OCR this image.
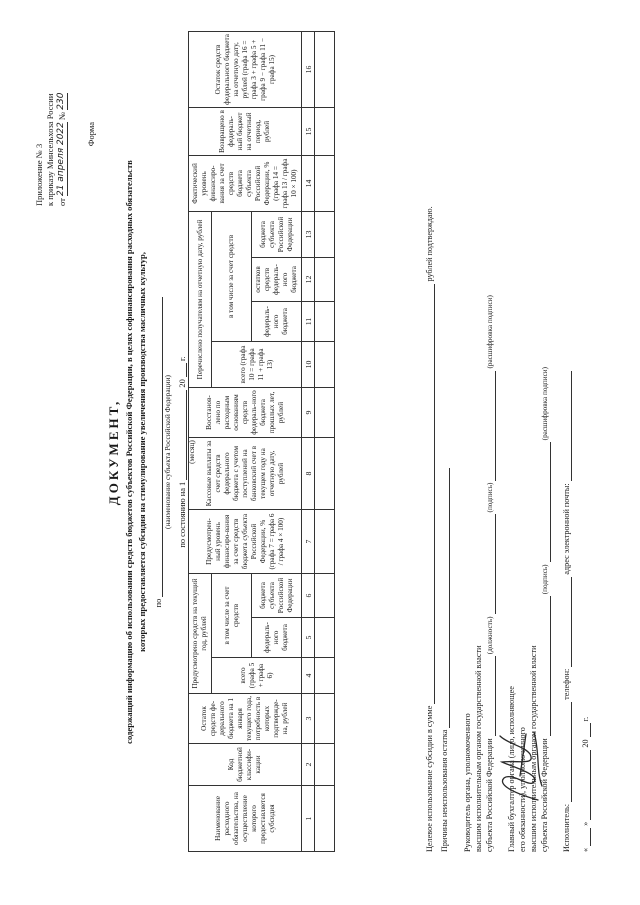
Приложение № 3 к приказу Минсельхоза России от 21 апреля 2022 № 230
Форма
ДОКУМЕНТ, содержащий информацию об использовании средств бюджетов субъектов Российской Федерации, в целях софинансирования расходных обязательств которых предоставляется субсидия на стимулирование увеличения производства масличных культур, по
(наименование субъекта Российской Федерации) по состоянию на 1  20  г.
(месяц)
Наименование расходного обязательства, на осуществление которого предоставляется субсидия	Код бюджетной классифи-кации	Остаток средств фе-дерального бюджета на 1 января текущего года, потребность в которых подтвержде-на, рублей	Предусмотрено средств на текущий год, рублей			Предусмотрен-ный уровень финансиро-вания за счет средств бюджета субъекта Российской Федерации, % (графа 7 = графа 6 / графа 4 × 100)	Кассовые выплаты за счет средств федерального бюджета с учетом поступлений на банковский счет в текущем году на отчетную дату, рублей	Восстанов-лено по расходным основаниям средств федераль-ного бюджета прошлых лет, рублей	Перечислено получателям на отчетную дату, рублей				Фактический уровень финансиро-вания за счет средств бюджета субъекта Российской Федерации, % (графа 14 = графа 13 / графа 10 × 100)	Возвращено в федераль-ный бюджет на отчетный период, рублей	Остаток средств федерального бюджета на отчетную дату, рублей (графа 16 = графа 3 + графа 5 + графа 9 − графа 11 − графа 15)
			всего (графа 5 + графа 6)	в том числе за счет средств					всего (графа 10 = графа 11 + графа 13)	в том числе за счет средств					
				федераль-ного бюджета	бюджета субъекта Российской Федерации					федераль-ного бюджета	остатков средств федераль-ного бюджета	бюджета субъекта Российской Федерации			
1	2	3	4	5	6	7	8	9	10	11	12	13	14	15	16

Целевое использование субсидии в сумме  рублей подтверждаю.
Причины неиспользования остатка Руководитель органа, уполномоченного высшим исполнительным органом государственной власти субъекта Российской Федерации  (должность)  (подпись)  (расшифровка подписи)
Главный бухгалтер органа (лицо, исполняющее его обязанности), уполномоченного высшим исполнительным органом государственной власти субъекта Российской Федерации  (подпись)  (расшифровка подписи)
Исполнитель:  телефон:  адрес электронной почты:
«  »  20  г.
